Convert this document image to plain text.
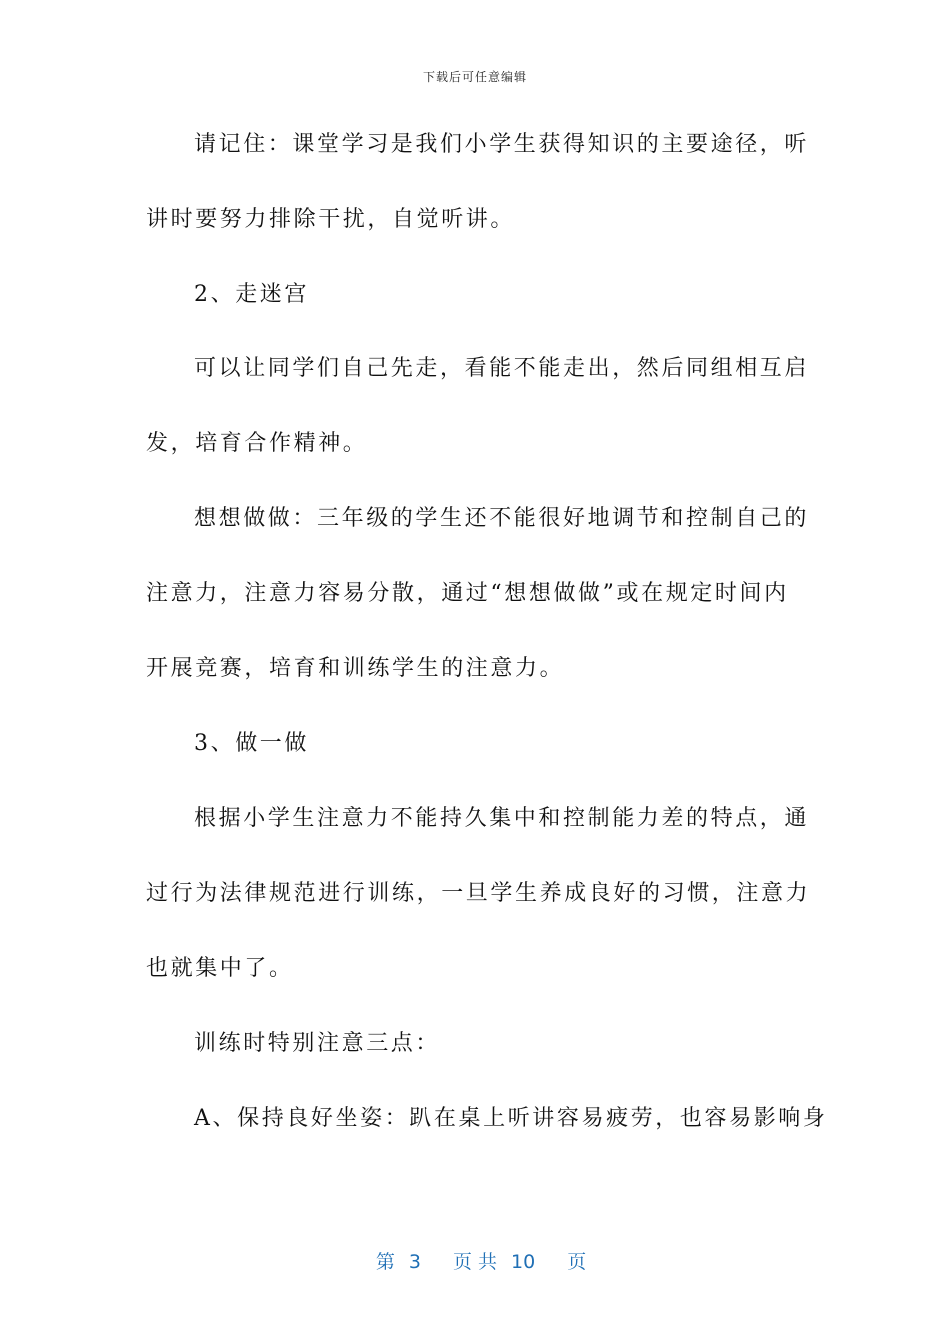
下载后可任意编辑
请记住：课堂学习是我们小学生获得知识的主要途径，听
讲时要努力排除干扰，自觉听讲。
2、走迷宫
可以让同学们自己先走，看能不能走出，然后同组相互启
发，培育合作精神。
想想做做：三年级的学生还不能很好地调节和控制自己的
注意力，注意力容易分散，通过“想想做做”或在规定时间内
开展竞赛，培育和训练学生的注意力。
3、做一做
根据小学生注意力不能持久集中和控制能力差的特点，通
过行为法律规范进行训练，一旦学生养成良好的习惯，注意力
也就集中了。
训练时特别注意三点：
A、保持良好坐姿：趴在桌上听讲容易疲劳，也容易影响身

第 3 页 共 10 页
